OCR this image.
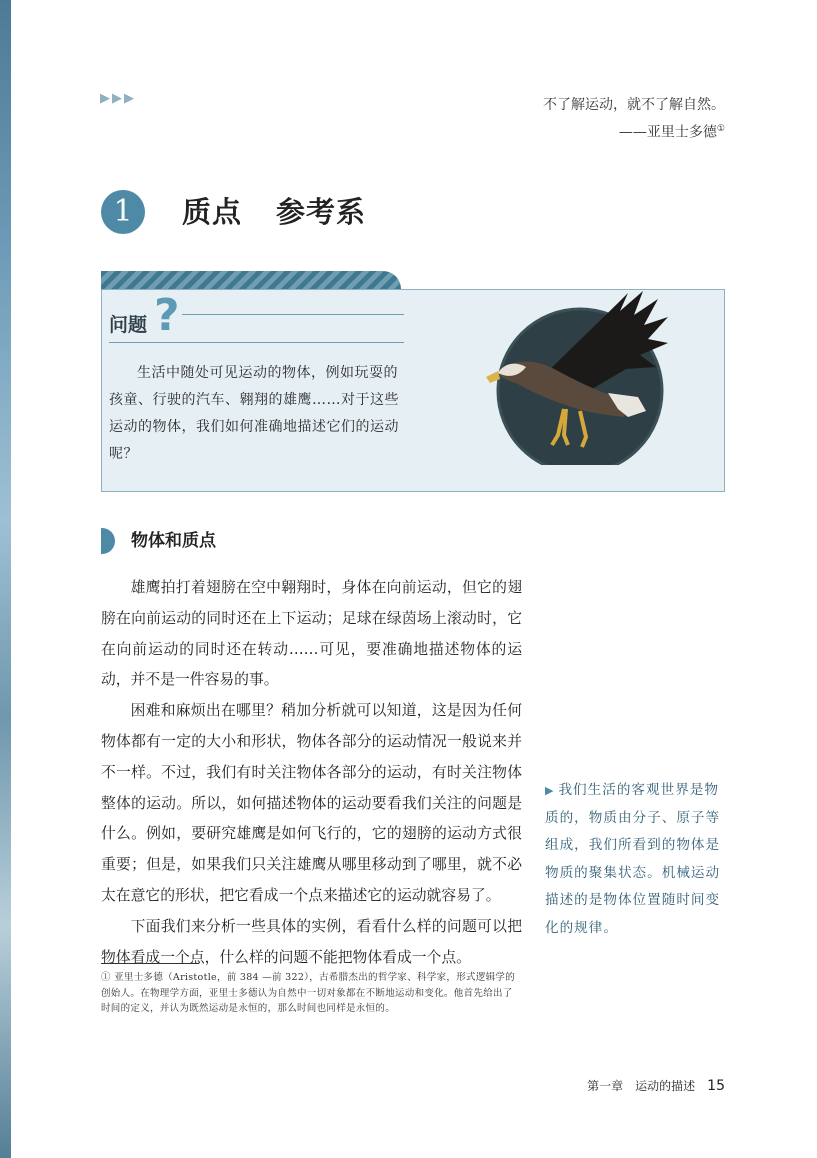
▶▶▶	不了解运动，就不了解自然。
——亚里士多德①
1	质点 参考系
问题 ?
生活中随处可见运动的物体，例如玩耍的孩童、行驶的汽车、翱翔的雄鹰……对于这些运动的物体，我们如何准确地描述它们的运动呢？
物体和质点

雄鹰拍打着翅膀在空中翱翔时，身体在向前运动，但它的翅膀在向前运动的同时还在上下运动；足球在绿茵场上滚动时，它在向前运动的同时还在转动……可见，要准确地描述物体的运动，并不是一件容易的事。

困难和麻烦出在哪里？稍加分析就可以知道，这是因为任何物体都有一定的大小和形状，物体各部分的运动情况一般说来并不一样。不过，我们有时关注物体各部分的运动，有时关注物体整体的运动。所以，如何描述物体的运动要看我们关注的问题是什么。例如，要研究雄鹰是如何飞行的，它的翅膀的运动方式很重要；但是，如果我们只关注雄鹰从哪里移动到了哪里，就不必太在意它的形状，把它看成一个点来描述它的运动就容易了。

下面我们来分析一些具体的实例，看看什么样的问题可以把物体看成一个点，什么样的问题不能把物体看成一个点。

▶ 我们生活的客观世界是物质的，物质由分子、原子等组成，我们所看到的物体是物质的聚集状态。机械运动描述的是物体位置随时间变化的规律。
① 亚里士多德（Aristotle，前 384 —前 322），古希腊杰出的哲学家、科学家，形式逻辑学的创始人。在物理学方面，亚里士多德认为自然中一切对象都在不断地运动和变化。他首先给出了时间的定义，并认为既然运动是永恒的，那么时间也同样是永恒的。
第一章　运动的描述 15
